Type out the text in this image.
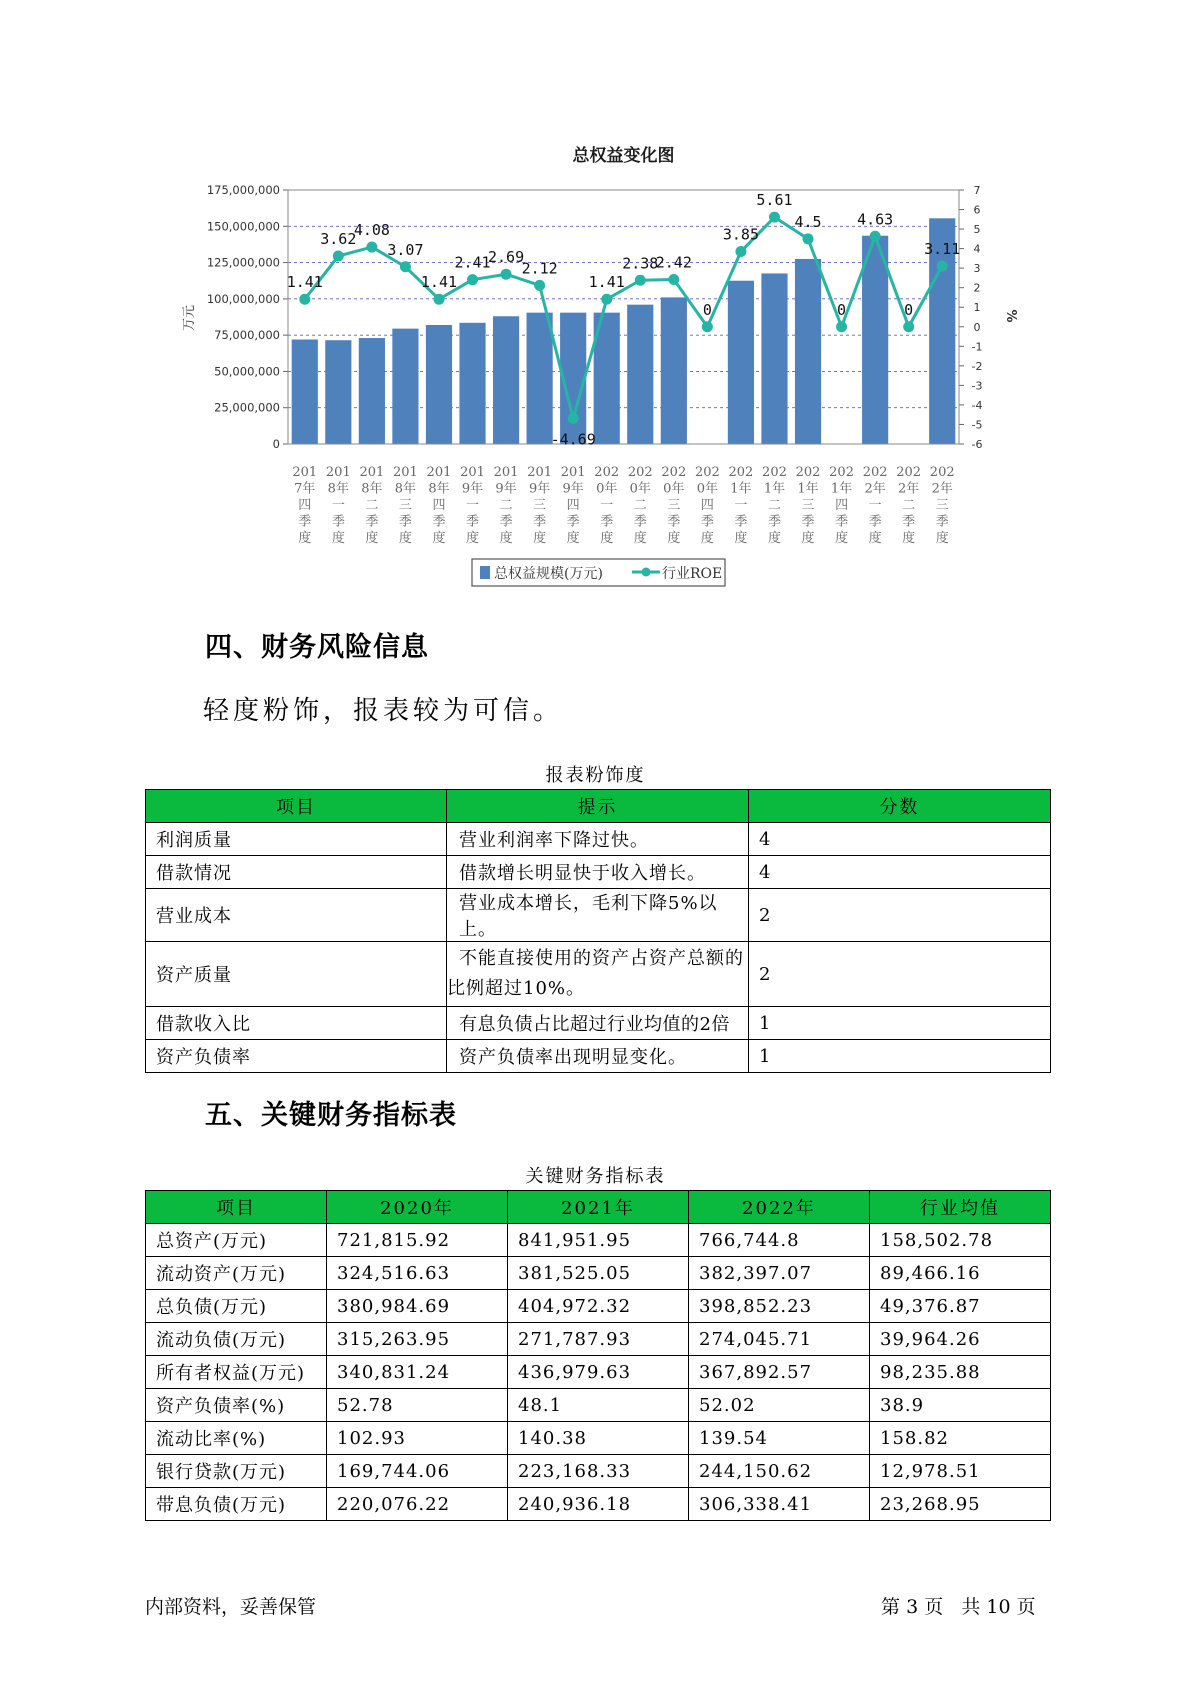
总权益变化图
175,000,000
150,000,000
125,000,000
100,000,000
75,000,000
50,000,000
25,000,000
0
7
6
5
4
3
2
1
0
-1
-2
-3
-4
-5
-6
万元	%
1.41
3.62
4.08
3.07
1.41
2.41
2.69
2.12
-4.69
1.41
2.38
2.42
0
3.85
5.61
4.5
0
4.63
0
3.11
201
7年
四
季
度
201
8年
一
季
度
201
8年
二
季
度
201
8年
三
季
度
201
8年
四
季
度
201
9年
一
季
度
201
9年
二
季
度
201
9年
三
季
度
201
9年
四
季
度
202
0年
一
季
度
202
0年
二
季
度
202
0年
三
季
度
202
0年
四
季
度
202
1年
一
季
度
202
1年
二
季
度
202
1年
三
季
度
202
1年
四
季
度
202
2年
一
季
度
202
2年
二
季
度
202
2年
三
季
度
总权益规模(万元)	行业ROE
四、财务风险信息
轻度粉饰，报表较为可信。
报表粉饰度
项目	提示	分数
利润质量	营业利润率下降过快。	4
借款情况	借款增长明显快于收入增长。	4
营业成本	营业成本增长，毛利下降5%以上。	2
资产质量	不能直接使用的资产占资产总额的比例超过10%。	2
借款收入比	有息负债占比超过行业均值的2倍	1
资产负债率	资产负债率出现明显变化。	1
五、关键财务指标表
关键财务指标表
项目	2020年	2021年	2022年	行业均值
总资产(万元)	721,815.92	841,951.95	766,744.8	158,502.78
流动资产(万元)	324,516.63	381,525.05	382,397.07	89,466.16
总负债(万元)	380,984.69	404,972.32	398,852.23	49,376.87
流动负债(万元)	315,263.95	271,787.93	274,045.71	39,964.26
所有者权益(万元)	340,831.24	436,979.63	367,892.57	98,235.88
资产负债率(%)	52.78	48.1	52.02	38.9
流动比率(%)	102.93	140.38	139.54	158.82
银行贷款(万元)	169,744.06	223,168.33	244,150.62	12,978.51
带息负债(万元)	220,076.22	240,936.18	306,338.41	23,268.95
内部资料，妥善保管	第 3 页   共 10 页
